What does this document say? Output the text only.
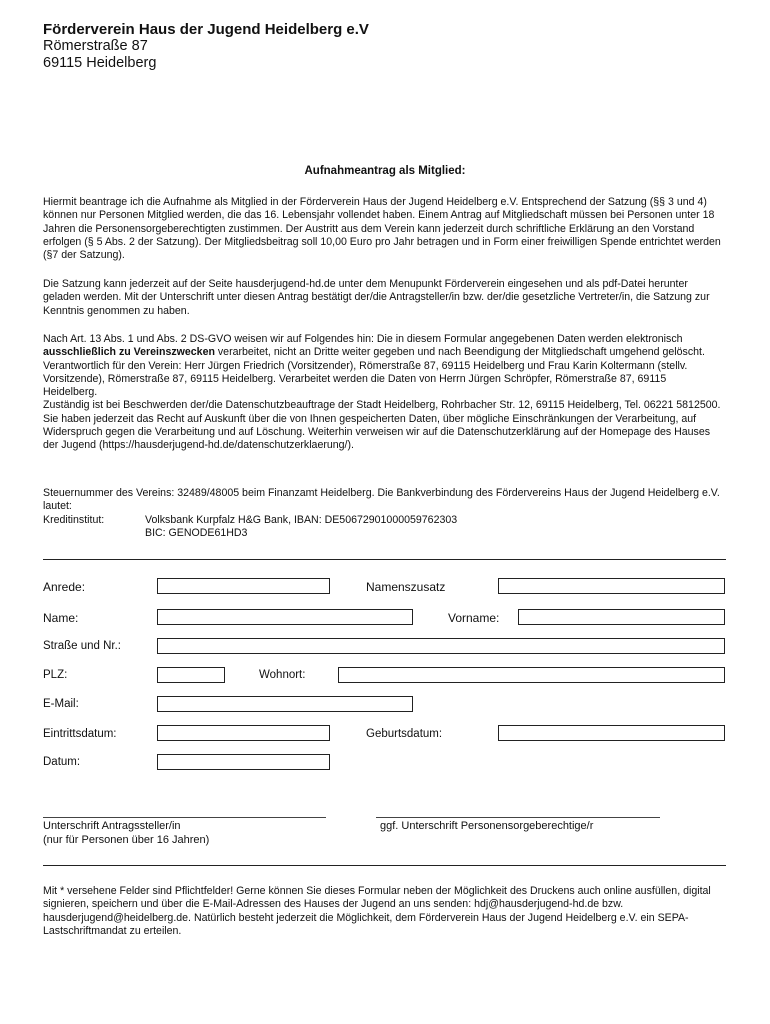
Förderverein Haus der Jugend Heidelberg e.V
Römerstraße 87
69115 Heidelberg
Aufnahmeantrag als Mitglied:

Hiermit beantrage ich die Aufnahme als Mitglied in der Förderverein Haus der Jugend Heidelberg e.V. Entsprechend der Satzung (§§ 3 und 4) können nur Personen Mitglied werden, die das 16. Lebensjahr vollendet haben. Einem Antrag auf Mitgliedschaft müssen bei Personen unter 18 Jahren die Personensorgeberechtigten zustimmen. Der Austritt aus dem Verein kann jederzeit durch schriftliche Erklärung an den Vorstand erfolgen (§ 5 Abs. 2 der Satzung). Der Mitgliedsbeitrag soll 10,00 Euro pro Jahr betragen und in Form einer freiwilligen Spende entrichtet werden (§7 der Satzung).

Die Satzung kann jederzeit auf der Seite hausderjugend-hd.de unter dem Menupunkt Förderverein eingesehen und als pdf-Datei herunter geladen werden. Mit der Unterschrift unter diesen Antrag bestätigt der/die Antragsteller/in bzw. der/die gesetzliche Vertreter/in, die Satzung zur Kenntnis genommen zu haben.

Nach Art. 13 Abs. 1 und Abs. 2 DS-GVO weisen wir auf Folgendes hin: Die in diesem Formular angegebenen Daten werden elektronisch ausschließlich zu Vereinszwecken verarbeitet, nicht an Dritte weiter gegeben und nach Beendigung der Mitgliedschaft umgehend gelöscht.

Verantwortlich für den Verein: Herr Jürgen Friedrich (Vorsitzender), Römerstraße 87, 69115 Heidelberg und Frau Karin Koltermann (stellv. Vorsitzende), Römerstraße 87, 69115 Heidelberg. Verarbeitet werden die Daten von Herrn Jürgen Schröpfer, Römerstraße 87, 69115 Heidelberg.

Zuständig ist bei Beschwerden der/die Datenschutzbeauftrage der Stadt Heidelberg, Rohrbacher Str. 12, 69115 Heidelberg, Tel. 06221 5812500. Sie haben jederzeit das Recht auf Auskunft über die von Ihnen gespeicherten Daten, über mögliche Einschränkungen der Verarbeitung, auf Widerspruch gegen die Verarbeitung und auf Löschung. Weiterhin verweisen wir auf die Datenschutzerklärung auf der Homepage des Hauses der Jugend (https://hausderjugend-hd.de/datenschutzerklaerung/).

Steuernummer des Vereins: 32489/48005 beim Finanzamt Heidelberg. Die Bankverbindung des Fördervereins Haus der Jugend Heidelberg e.V. lautet:

Kreditinstitut:	Volksbank Kurpfalz H&G Bank, IBAN: DE50672901000059762303
BIC: GENODE61HD3
Anrede:	Namenszusatz
Name:	Vorname:
Straße und Nr.:
PLZ:	Wohnort:
E-Mail:
Eintrittsdatum:	Geburtsdatum:
Datum:
Unterschrift Antragssteller/in
(nur für Personen über 16 Jahren)
ggf. Unterschrift Personensorgeberechtige/r

Mit * versehene Felder sind Pflichtfelder! Gerne können Sie dieses Formular neben der Möglichkeit des Druckens auch online ausfüllen, digital signieren, speichern und über die E-Mail-Adressen des Hauses der Jugend an uns senden: hdj@hausderjugend-hd.de bzw. hausderjugend@heidelberg.de. Natürlich besteht jederzeit die Möglichkeit, dem Förderverein Haus der Jugend Heidelberg e.V. ein SEPA-Lastschriftmandat zu erteilen.
